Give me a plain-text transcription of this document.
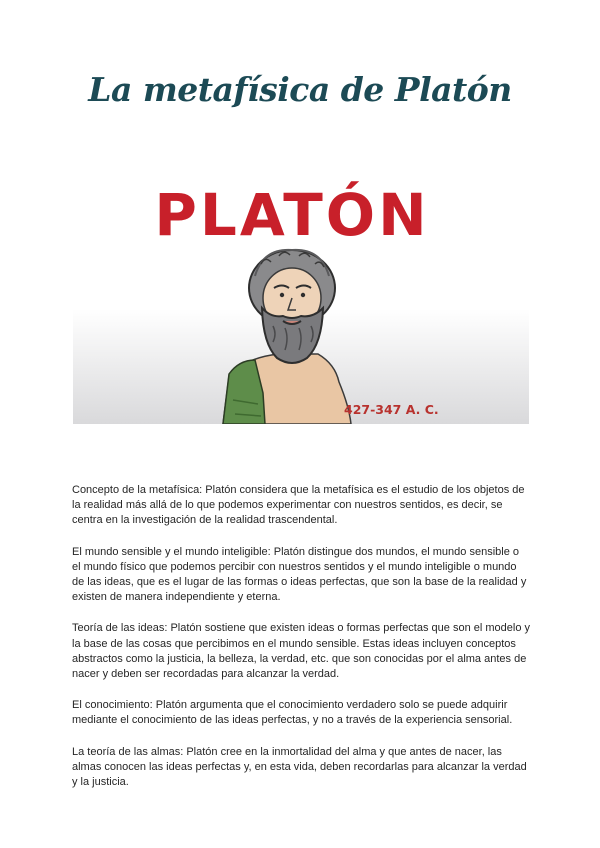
La metafísica de Platón
PLATÓN
427-347 A. C.

Concepto de la metafísica: Platón considera que la metafísica es el estudio de los objetos de la realidad más allá de lo que podemos experimentar con nuestros sentidos, es decir, se centra en la investigación de la realidad trascendental.

El mundo sensible y el mundo inteligible: Platón distingue dos mundos, el mundo sensible o el mundo físico que podemos percibir con nuestros sentidos y el mundo inteligible o mundo de las ideas, que es el lugar de las formas o ideas perfectas, que son la base de la realidad y existen de manera independiente y eterna.

Teoría de las ideas: Platón sostiene que existen ideas o formas perfectas que son el modelo y la base de las cosas que percibimos en el mundo sensible. Estas ideas incluyen conceptos abstractos como la justicia, la belleza, la verdad, etc. que son conocidas por el alma antes de nacer y deben ser recordadas para alcanzar la verdad.

El conocimiento: Platón argumenta que el conocimiento verdadero solo se puede adquirir mediante el conocimiento de las ideas perfectas, y no a través de la experiencia sensorial.

La teoría de las almas: Platón cree en la inmortalidad del alma y que antes de nacer, las almas conocen las ideas perfectas y, en esta vida, deben recordarlas para alcanzar la verdad y la justicia.
